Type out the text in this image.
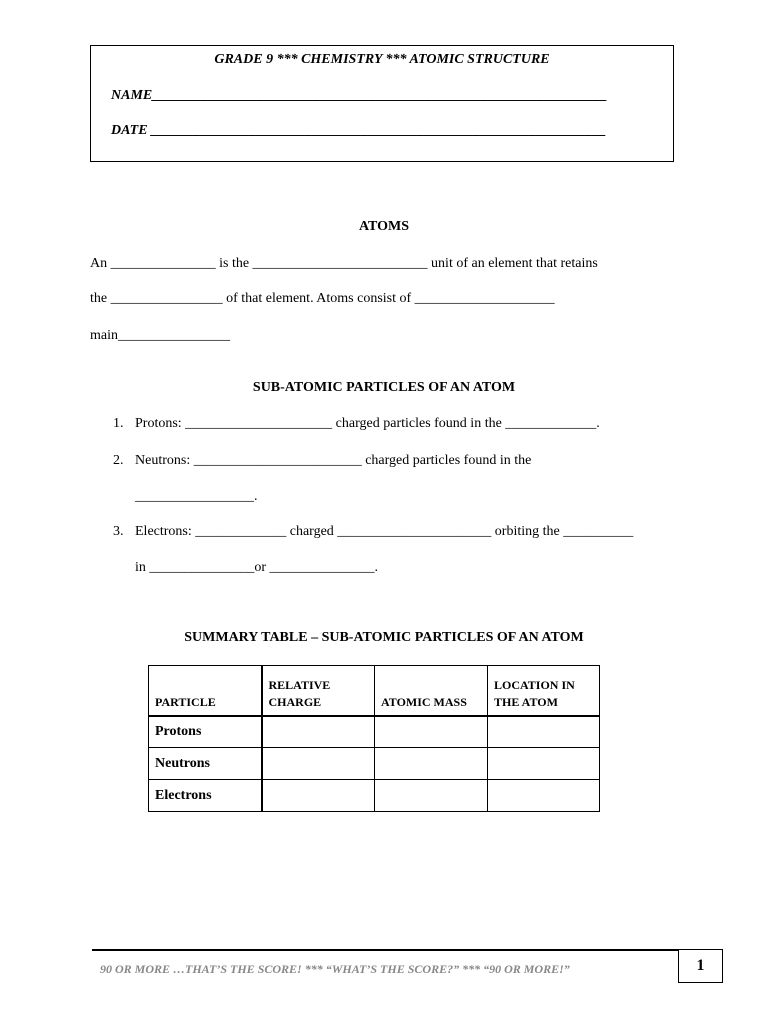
GRADE 9 *** CHEMISTRY *** ATOMIC STRUCTURE
NAME_________________________________________________________________
DATE _________________________________________________________________
ATOMS
An _______________ is the _________________________ unit of an element that retains
the ________________ of that element. Atoms consist of ____________________
main________________
SUB-ATOMIC PARTICLES OF AN ATOM
1. Protons: _____________________ charged particles found in the _____________.
2. Neutrons: ________________________ charged particles found in the
_________________.
3. Electrons: _____________ charged ______________________ orbiting the __________
in _______________or _______________.
SUMMARY TABLE – SUB-ATOMIC PARTICLES OF AN ATOM
PARTICLE	RELATIVE CHARGE	ATOMIC MASS	LOCATION IN THE ATOM
Protons			
Neutrons			
Electrons			
90 OR MORE …THAT’S THE SCORE! *** “WHAT’S THE SCORE?” *** “90 OR MORE!”	1
